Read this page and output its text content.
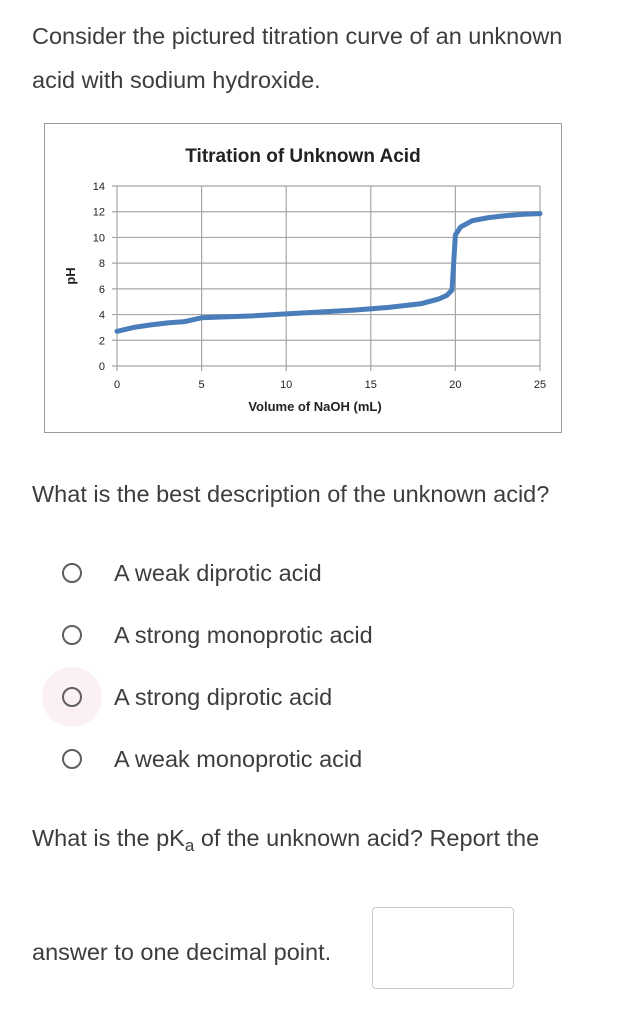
Consider the pictured titration curve of an unknown
acid with sodium hydroxide.

Titration of Unknown Acid
0
2
4
6
8
10
12
14
0	5	10	15	20	25
Volume of NaOH (mL)
pH

What is the best description of the unknown acid?

A weak diprotic acid
A strong monoprotic acid
A strong diprotic acid
A weak monoprotic acid

What is the $pK_a$ of the unknown acid? Report the

answer to one decimal point.
